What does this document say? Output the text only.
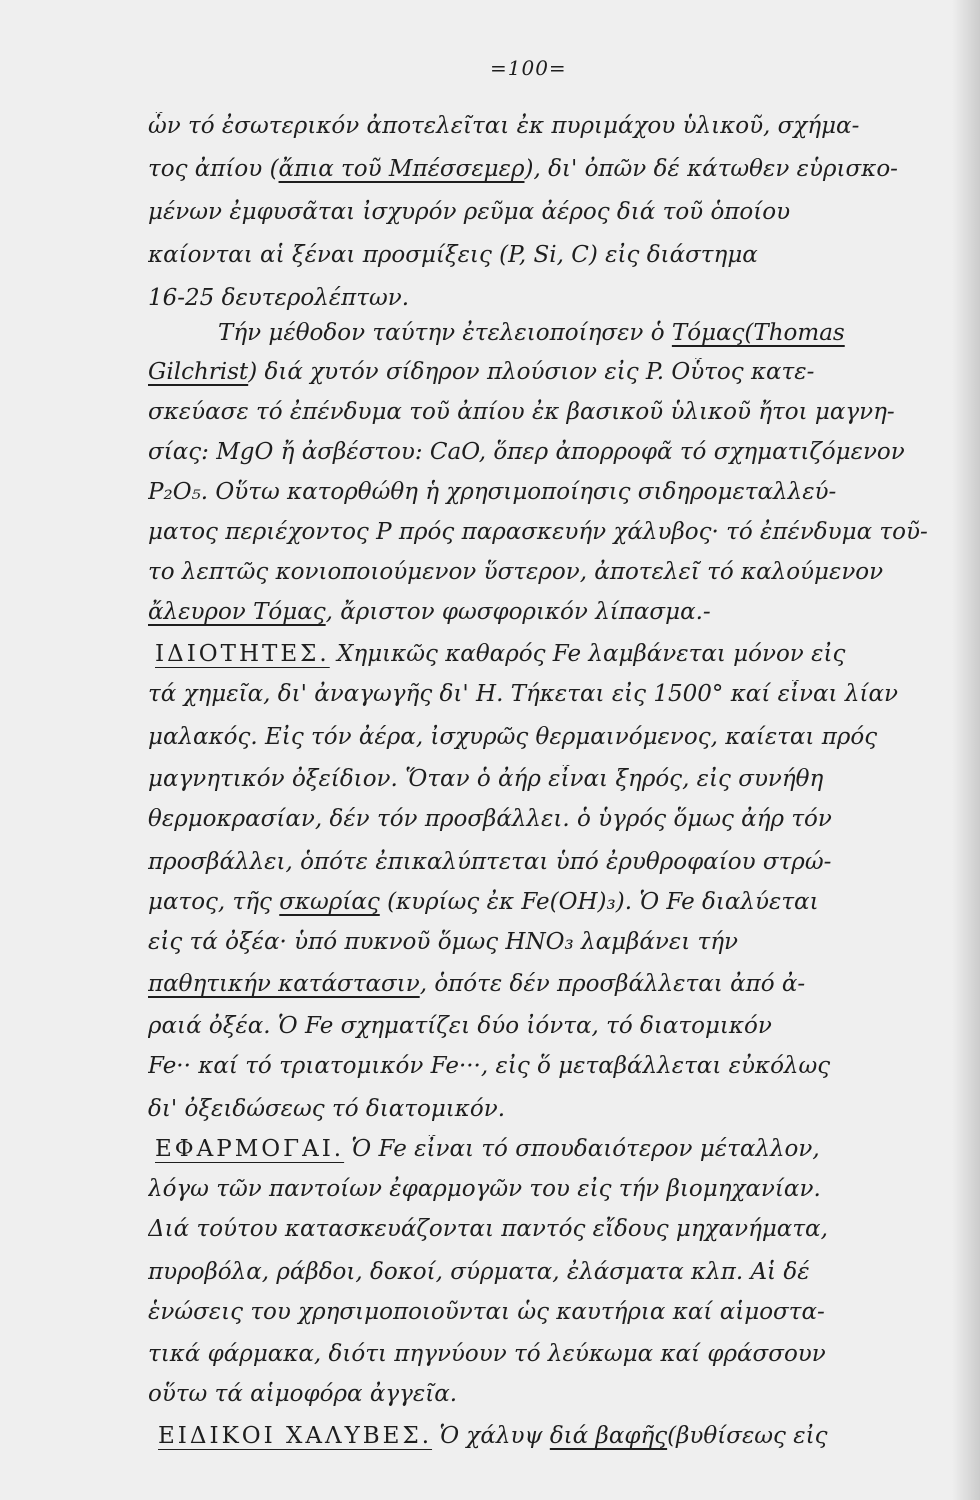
=100=
ὧν τό ἐσωτερικόν ἀποτελεῖται ἐκ πυριμάχου ὑλικοῦ, σχήμα-
τος ἀπίου (ἄπια τοῦ Μπέσσεμερ), δι' ὀπῶν δέ κάτωθεν εὑρισκο-
μένων ἐμφυσᾶται ἰσχυρόν ρεῦμα ἀέρος διά τοῦ ὁποίου
καίονται αἱ ξέναι προσμίξεις (P, Si, C) εἰς διάστημα
16-25 δευτερολέπτων.
Τήν μέθοδον ταύτην ἐτελειοποίησεν ὁ Τόμας(Thomas
Gilchrist) διά χυτόν σίδηρον πλούσιον εἰς P. Οὗτος κατε-
σκεύασε τό ἐπένδυμα τοῦ ἀπίου ἐκ βασικοῦ ὑλικοῦ ἤτοι μαγνη-
σίας: MgO ἤ ἀσβέστου: CaO, ὅπερ ἀπορροφᾶ τό σχηματιζόμενον
P₂O₅. Οὕτω κατορθώθη ἡ χρησιμοποίησις σιδηρομεταλλεύ-
ματος περιέχοντος P πρός παρασκευήν χάλυβος· τό ἐπένδυμα τοῦ-
το λεπτῶς κονιοποιούμενον ὕστερον, ἀποτελεῖ τό καλούμενον
ἄλευρον Τόμας, ἄριστον φωσφορικόν λίπασμα.-
ΙΔΙΟΤΗΤΕΣ. Χημικῶς καθαρός Fe λαμβάνεται μόνον εἰς
τά χημεῖα, δι' ἀναγωγῆς δι' H. Τήκεται εἰς 1500° καί εἶναι λίαν
μαλακός. Εἰς τόν ἀέρα, ἰσχυρῶς θερμαινόμενος, καίεται πρός
μαγνητικόν ὀξείδιον. Ὅταν ὁ ἀήρ εἶναι ξηρός, εἰς συνήθη
θερμοκρασίαν, δέν τόν προσβάλλει. ὁ ὑγρός ὅμως ἀήρ τόν
προσβάλλει, ὁπότε ἐπικαλύπτεται ὑπό ἐρυθροφαίου στρώ-
ματος, τῆς σκωρίας (κυρίως ἐκ Fe(OH)₃). Ὁ Fe διαλύεται
εἰς τά ὀξέα· ὑπό πυκνοῦ ὅμως HNO₃ λαμβάνει τήν
παθητικήν κατάστασιν, ὁπότε δέν προσβάλλεται ἀπό ἀ-
ραιά ὀξέα. Ὁ Fe σχηματίζει δύο ἰόντα, τό διατομικόν
Fe·· καί τό τριατομικόν Fe···, εἰς ὅ μεταβάλλεται εὐκόλως
δι' ὀξειδώσεως τό διατομικόν.
ΕΦΑΡΜΟΓΑΙ. Ὁ Fe εἶναι τό σπουδαιότερον μέταλλον,
λόγω τῶν παντοίων ἐφαρμογῶν του εἰς τήν βιομηχανίαν.
Διά τούτου κατασκευάζονται παντός εἴδους μηχανήματα,
πυροβόλα, ράβδοι, δοκοί, σύρματα, ἐλάσματα κλπ. Αἱ δέ
ἑνώσεις του χρησιμοποιοῦνται ὡς καυτήρια καί αἱμοστα-
τικά φάρμακα, διότι πηγνύουν τό λεύκωμα καί φράσσουν
οὕτω τά αἱμοφόρα ἀγγεῖα.
ΕΙΔΙΚΟΙ ΧΑΛΥΒΕΣ. Ὁ χάλυψ διά βαφῆς(βυθίσεως εἰς
